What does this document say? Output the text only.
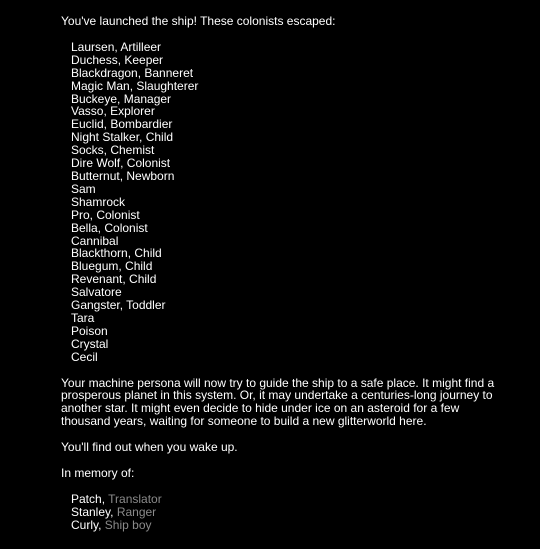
You've launched the ship! These colonists escaped:
Laursen, Artilleer
Duchess, Keeper
Blackdragon, Banneret
Magic Man, Slaughterer
Buckeye, Manager
Vasso, Explorer
Euclid, Bombardier
Night Stalker, Child
Socks, Chemist
Dire Wolf, Colonist
Butternut, Newborn
Sam
Shamrock
Pro, Colonist
Bella, Colonist
Cannibal
Blackthorn, Child
Bluegum, Child
Revenant, Child
Salvatore
Gangster, Toddler
Tara
Poison
Crystal
Cecil
Your machine persona will now try to guide the ship to a safe place. It might find a
prosperous planet in this system. Or, it may undertake a centuries-long journey to
another star. It might even decide to hide under ice on an asteroid for a few
thousand years, waiting for someone to build a new glitterworld here.
You'll find out when you wake up.
In memory of:
Patch, Translator
Stanley, Ranger
Curly, Ship boy
